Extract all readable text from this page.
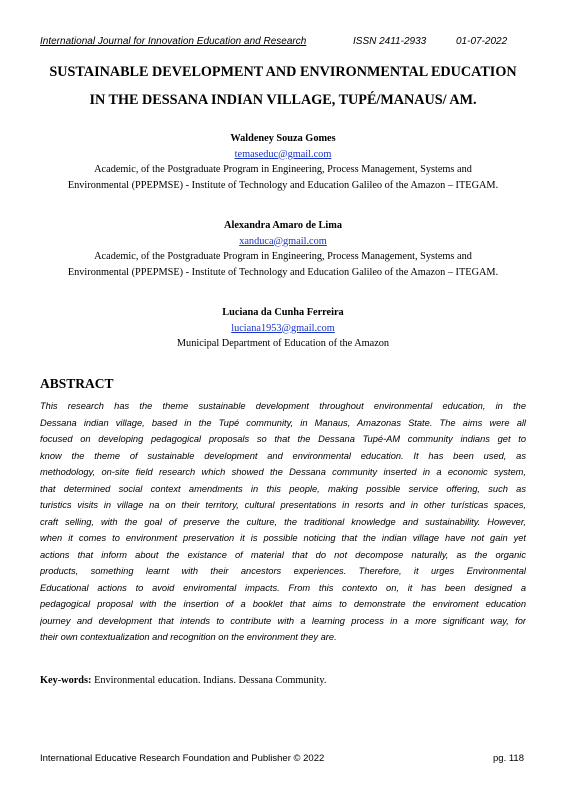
International Journal for Innovation Education and Research	ISSN 2411-2933	01-07-2022
SUSTAINABLE DEVELOPMENT AND ENVIRONMENTAL EDUCATION
IN THE DESSANA INDIAN VILLAGE, TUPÉ/MANAUS/ AM.
Waldeney Souza Gomes
temaseduc@gmail.com
Academic, of the Postgraduate Program in Engineering, Process Management, Systems and
Environmental (PPEPMSE) - Institute of Technology and Education Galileo of the Amazon – ITEGAM.
Alexandra Amaro de Lima
xanduca@gmail.com
Academic, of the Postgraduate Program in Engineering, Process Management, Systems and
Environmental (PPEPMSE) - Institute of Technology and Education Galileo of the Amazon – ITEGAM.
Luciana da Cunha Ferreira
luciana1953@gmail.com
Municipal Department of Education of the Amazon
ABSTRACT
This research has the theme sustainable development throughout environmental education, in the
Dessana indian village, based in the Tupé community, in Manaus, Amazonas State. The aims were all
focused on developing pedagogical proposals so that the Dessana Tupé-AM community indians get to
know the theme of sustainable development and environmental education. It has been used, as
methodology, on-site field research which showed the Dessana community inserted in a economic system,
that determined social context amendments in this people, making possible service offering, such as
turistics visits in village na on their territory, cultural presentations in resorts and in other turísticas spaces,
craft selling, with the goal of preserve the culture, the traditional knowledge and sustainability. However,
when it comes to environment preservation it is possible noticing that the indian village have not gain yet
actions that inform about the existance of material that do not decompose naturally, as the organic
products, something learnt with their ancestors experiences. Therefore, it urges Environmental
Educational actions to avoid enviromental impacts. From this contexto on, it has been designed a
pedagogical proposal with the insertion of a booklet that aims to demonstrate the enviroment education
journey and development that intends to contribute with a learning process in a more significant way, for
their own contextualization and recognition on the environment they are.
Key-words: Environmental education. Indians. Dessana Community.
International Educative Research Foundation and Publisher © 2022	pg. 118
